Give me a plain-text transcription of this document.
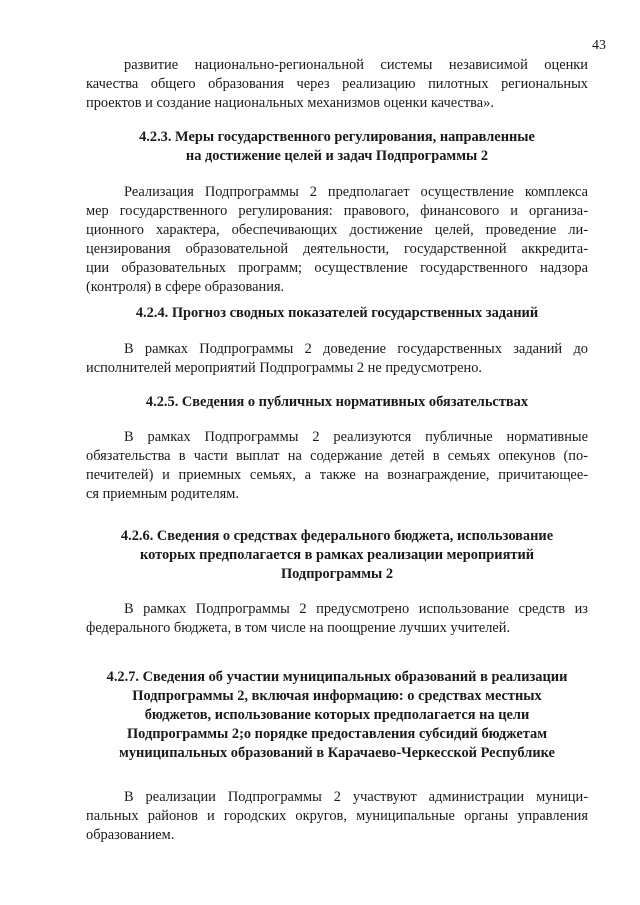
43
развитие национально-региональной системы независимой оценки
качества общего образования через реализацию пилотных региональных
проектов и создание национальных механизмов оценки качества».
4.2.3. Меры государственного регулирования, направленные
на достижение целей и задач Подпрограммы 2
Реализация Подпрограммы 2 предполагает осуществление комплекса
мер государственного регулирования: правового, финансового и организа-
ционного характера, обеспечивающих достижение целей, проведение ли-
цензирования образовательной деятельности, государственной аккредита-
ции образовательных программ; осуществление государственного надзора
(контроля) в сфере образования.
4.2.4. Прогноз сводных показателей государственных заданий
В рамках Подпрограммы 2 доведение государственных заданий до
исполнителей мероприятий Подпрограммы 2 не предусмотрено.
4.2.5. Сведения о публичных нормативных обязательствах
В рамках Подпрограммы 2 реализуются публичные нормативные
обязательства в части выплат на содержание детей в семьях опекунов (по-
печителей) и приемных семьях, а также на вознаграждение, причитающее-
ся приемным родителям.
4.2.6. Сведения о средствах федерального бюджета, использование
которых предполагается в рамках реализации мероприятий
Подпрограммы 2
В рамках Подпрограммы 2 предусмотрено использование средств из
федерального бюджета, в том числе на поощрение лучших учителей.
4.2.7. Сведения об участии муниципальных образований в реализации
Подпрограммы 2, включая информацию: о средствах местных
бюджетов, использование которых предполагается на цели
Подпрограммы 2;о порядке предоставления субсидий бюджетам
муниципальных образований в Карачаево-Черкесской Республике
В реализации Подпрограммы 2 участвуют администрации муници-
пальных районов и городских округов, муниципальные органы управления
образованием.
